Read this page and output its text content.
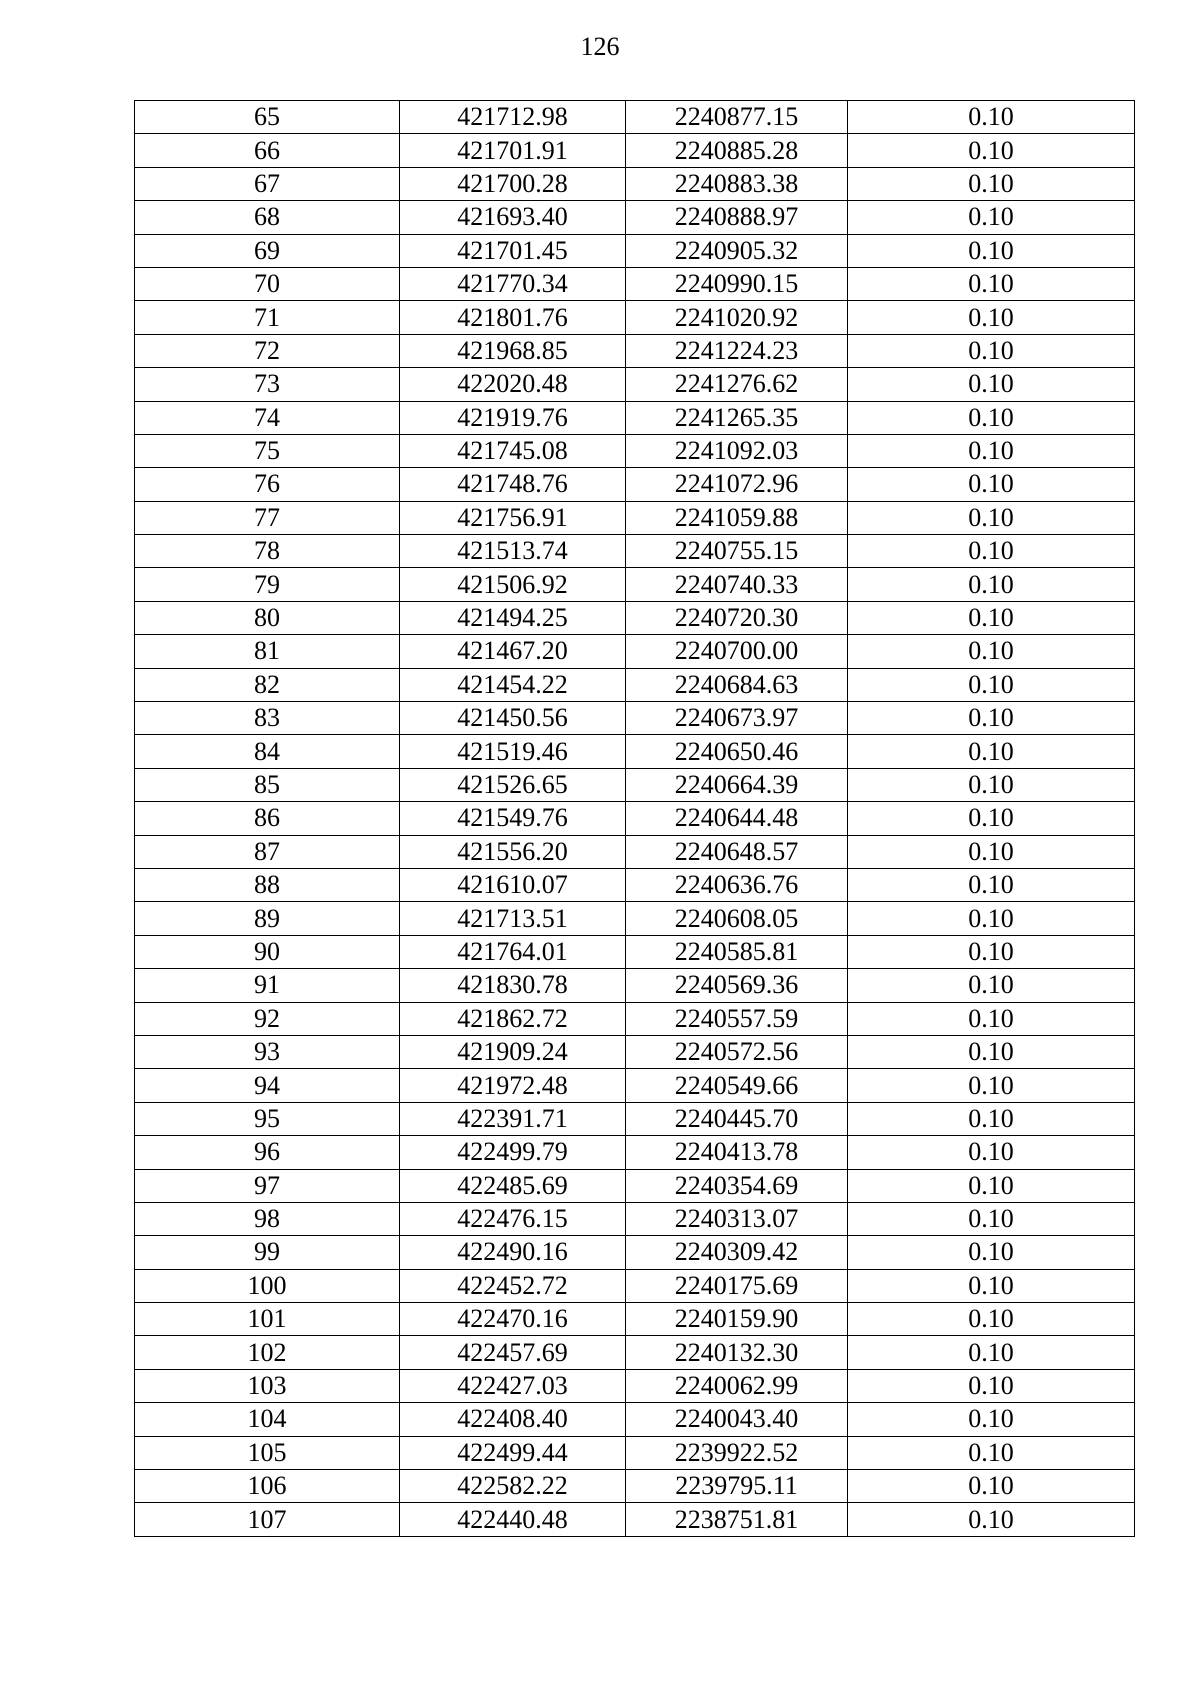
126
65	421712.98	2240877.15	0.10
66	421701.91	2240885.28	0.10
67	421700.28	2240883.38	0.10
68	421693.40	2240888.97	0.10
69	421701.45	2240905.32	0.10
70	421770.34	2240990.15	0.10
71	421801.76	2241020.92	0.10
72	421968.85	2241224.23	0.10
73	422020.48	2241276.62	0.10
74	421919.76	2241265.35	0.10
75	421745.08	2241092.03	0.10
76	421748.76	2241072.96	0.10
77	421756.91	2241059.88	0.10
78	421513.74	2240755.15	0.10
79	421506.92	2240740.33	0.10
80	421494.25	2240720.30	0.10
81	421467.20	2240700.00	0.10
82	421454.22	2240684.63	0.10
83	421450.56	2240673.97	0.10
84	421519.46	2240650.46	0.10
85	421526.65	2240664.39	0.10
86	421549.76	2240644.48	0.10
87	421556.20	2240648.57	0.10
88	421610.07	2240636.76	0.10
89	421713.51	2240608.05	0.10
90	421764.01	2240585.81	0.10
91	421830.78	2240569.36	0.10
92	421862.72	2240557.59	0.10
93	421909.24	2240572.56	0.10
94	421972.48	2240549.66	0.10
95	422391.71	2240445.70	0.10
96	422499.79	2240413.78	0.10
97	422485.69	2240354.69	0.10
98	422476.15	2240313.07	0.10
99	422490.16	2240309.42	0.10
100	422452.72	2240175.69	0.10
101	422470.16	2240159.90	0.10
102	422457.69	2240132.30	0.10
103	422427.03	2240062.99	0.10
104	422408.40	2240043.40	0.10
105	422499.44	2239922.52	0.10
106	422582.22	2239795.11	0.10
107	422440.48	2238751.81	0.10
